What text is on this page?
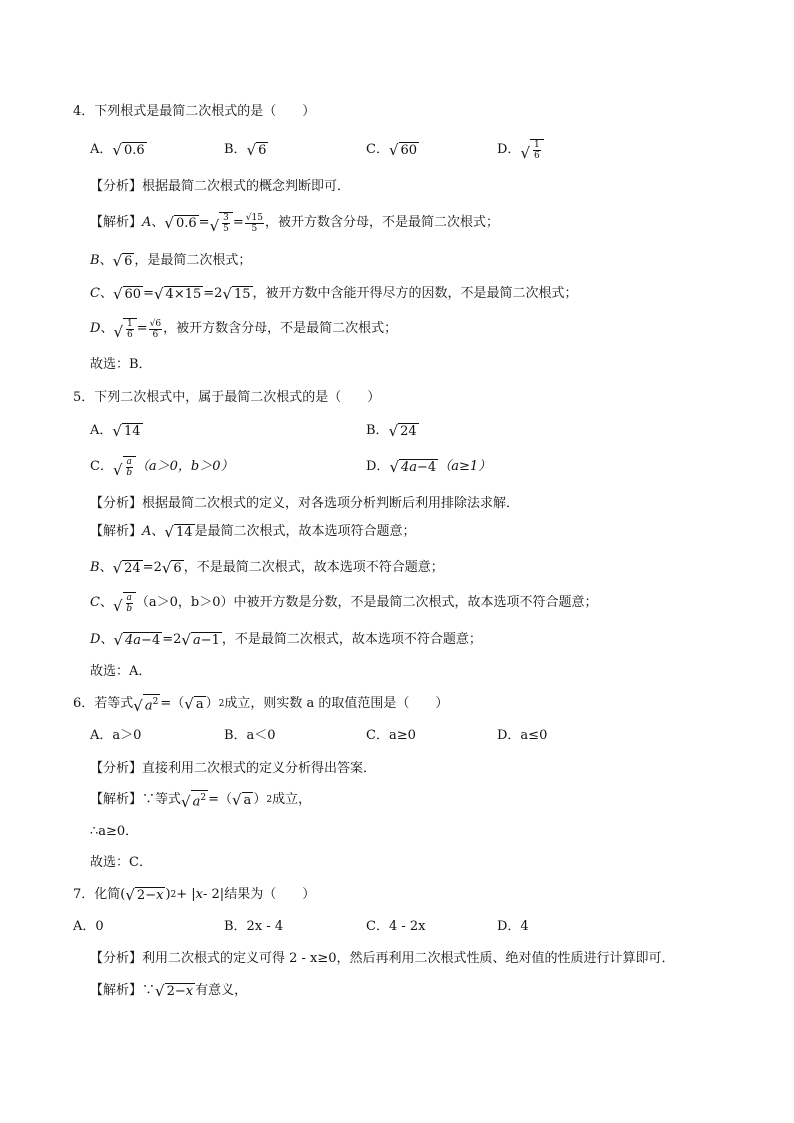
4．下列根式是最简二次根式的是（　　）
A． √ 0.6	B． √ 6	C． √ 60	D． √ $\frac{1}{6}$
【分析】根据最简二次根式的概念判断即可．
【解析】 A 、 √ 0.6 = √ $\frac{3}{5} = \frac{√15}{5}$ ，被开方数含分母，不是最简二次根式；
B 、 √ 6 ，是最简二次根式；
C 、 √ 60 = √ 4×15 =2 √ 15 ，被开方数中含能开得尽方的因数，不是最简二次根式；
D 、 √ $\frac{1}{6} = \frac{√6}{6}$ ，被开方数含分母，不是最简二次根式；
故选：B．
5．下列二次根式中，属于最简二次根式的是（　　）
A． √ 14	B． √ 24
C． √ $\frac{a}{b} (a>0$，b＞0）	D． √ 4a−4 （a≥1）
【分析】根据最简二次根式的定义，对各选项分析判断后利用排除法求解．
【解析】 A 、 √ 14 是最简二次根式，故本选项符合题意；
B 、 √ 24 =2 √ 6 ，不是最简二次根式，故本选项不符合题意；
C 、 √ $\frac{a}{b} (a>0$，b＞0）中被开方数是分数，不是最简二次根式，故本选项不符合题意；
D 、 √ 4a−4 =2 √ a−1 ，不是最简二次根式，故本选项不符合题意；
故选：A．
6．若等式 √ $a^2$ =（ √ a ） 2 成立，则实数 a 的取值范围是（　　）
A．a＞0	B．a＜0	C．a≥0	D．a≤0
【分析】直接利用二次根式的定义分析得出答案．
【解析】∵等式 √ $a^2$ =（ √ a ） 2 成立，
∴a≥0．
故选：C．
7．化简 ( √ 2−x ) 2 + | x - 2| 结果为（　　）
A．0	B．2x - 4	C．4 - 2x	D．4
【分析】利用二次根式的定义可得 2 - x≥0，然后再利用二次根式性质、绝对值的性质进行计算即可．
【解析】∵ √ 2−x 有意义，
